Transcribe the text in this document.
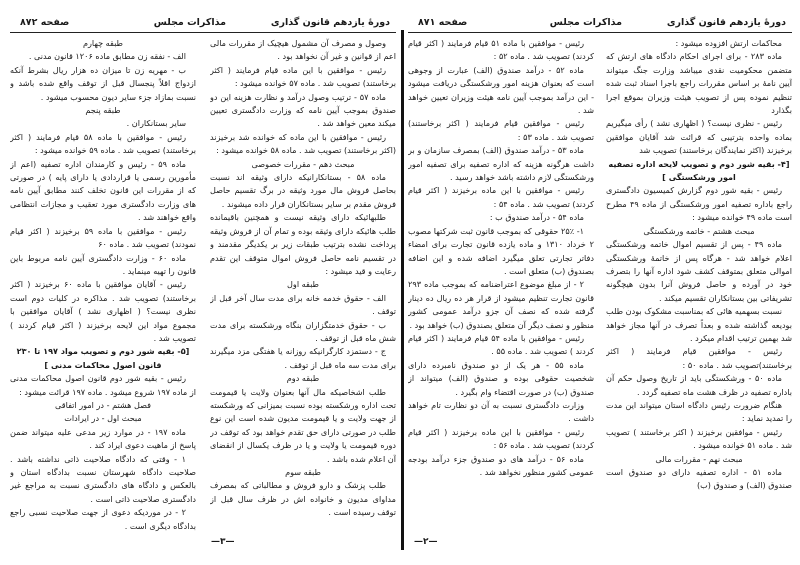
دورهٔ یازدهم قانون گذاری
مذاکرات مجلس
صفحه ۸۷۱

محاکمات ارتش افزوده میشود :

ماده ۲۸۳ - برای اجرای احکام دادگاه های ارتش که متضمن محکومیت نقدی میباشد وزارت جنگ میتواند آیین نامهٔ بر اساس مقررات راجع باجرا اسناد ثبت شده تنظیم نموده پس از تصویب هیئت وزیران بموقع اجرا بگذارد

رئیس - نظری نیست؟ ( اظهاری نشد ) رأی میگیریم بماده واحده بترتیبی که قرائت شد آقایان موافقین برخیزند (اکثر نمایندگان برخاستند) تصویب شد

[۴- بقیه شور دوم و تصویب لایحه اداره تصفیه امور ورشکستگی ]

رئیس - بقیه شور دوم گزارش کمیسیون دادگستری راجع باداره تصفیه امور ورشکستگی از ماده ۴۹ مطرح است ماده ۴۹ خوانده میشود :

مبحث هشتم - خاتمه ورشکستگی

ماده ۴۹ - پس از تقسیم اموال خاتمه ورشکستگی اعلام خواهد شد - هرگاه پس از خاتمهٔ ورشکستگی اموالی متعلق بمتوقف کشف شود اداره آنها را بتصرف خود در آورده و حاصل فروش آنرا بدون هیچگونه تشریفاتی بین بستانکاران تقسیم میکند .

نسبت بسهمیه هائی که بمناسبت مشکوک بودن طلب بودیعه گذاشته شده و بعداً تصرف در آنها مجاز خواهد شد بهمین ترتیب اقدام میکرد .

رئیس - موافقین قیام فرمایند ( اکثر برخاستند)تصویب شد . ماده ۵۰ :

ماده ۵۰ - ورشکستگی باید از تاریخ وصول حکم آن باداره تصفیه در ظرف هشت ماه تصفیه گردد .

هنگام ضرورت رئیس دادگاه استان میتواند این مدت را تمدید نماید :

رئیس - موافقین برخیزند ( اکثر برخاستند ) تصویب شد . ماده ۵۱ خوانده میشود .

مبحث نهم - مقررات مالی

ماده ۵۱ - اداره تصفیه دارای دو صندوق است صندوق (الف) و صندوق (ب)

رئیس - موافقین با ماده ۵۱ قیام فرمایند ( اکثر قیام کردند) تصویب شد . ماده ۵۲ :

ماده ۵۲ - درآمد صندوق (الف) عبارت از وجوهی است که بعنوان هزینه امور ورشکستگی دریافت میشود - این درآمد بموجب آیین نامه هیئت وزیران تعیین خواهد شد .

رئیس - موافقین قیام فرمایند ( اکثر برخاستند) تصویب شد . ماده ۵۳ :

ماده ۵۳ - درآمد صندوق (الف) بمصرف سازمان و بر داشت هرگونه هزینه که اداره تصفیه برای تصفیه امور ورشکستگی لازم داشته باشد خواهد رسید .

رئیس - موافقین با این ماده برخیزند ( اکثر قیام کردند) تصویب شد . ماده ۵۴ :

ماده ۵۴ - درآمد صندوق ب :

۱- ۲۵٪ حقوقی که بموجب قانون ثبت شرکتها مصوب ۲ خرداد ۱۳۱۰ و ماده یازده قانون تجارت برای امضاء دفاتر تجارتی تعلق میگیرد اضافه شده و این اضافه بصندوق (ب) متعلق است .

۲ - از مبلغ موضوع اعتراضنامه که بموجب ماده ۲۹۳ قانون تجارت تنظیم میشود از قرار هر ده ریال ده دینار گرفته شده که نصف آن جزو درآمد عمومی کشور منظور و نصف دیگر آن متعلق بصندوق (ب) خواهد بود .

رئیس - موافقین با ماده ۵۴ قیام فرمایند ( اکثر قیام کردند ) تصویب شد . ماده ۵۵ .

ماده ۵۵ - هر یک از دو صندوق نامبرده دارای شخصیت حقوقی بوده و صندوق (الف) میتواند از صندوق (ب) در صورت اقتضاء وام بگیرد .

وزارت دادگستری نسبت به آن دو نظارت تام خواهد داشت .

رئیس - موافقین با این ماده برخیزند ( اکثر قیام کردند) تصویب شد . ماده ۵۶ :

ماده ۵۶ - درآمد های دو صندوق جزء درآمد بودجه عمومی کشور منظور نخواهد شد .

—۲—
دورهٔ یازدهم قانون گذاری
مذاکرات مجلس
صفحه ۸۷۲

وصول و مصرف آن مشمول هیچیک از مقررات مالی اعم از قوانین و غیر آن نخواهد بود .

رئیس - موافقین با این ماده قیام فرمایند ( اکثر برخاستند) تصویب شد . ماده ۵۷ خوانده میشود :

ماده ۵۷ - ترتیب وصول درآمد و نظارت هزینه این دو صندوق بموجب آیین نامه که وزارت دادگستری تعیین میکند معین خواهد شد .

رئیس - موافقین با این ماده که خوانده شد برخیزند (اکثر برخاستند) تصویب شد . ماده ۵۸ خوانده میشود :

مبحث دهم - مقررات خصوصی

ماده ۵۸ - بستانکارانیکه دارای وثیقه اند نسبت بحاصل فروش مال مورد وثیقه در برگ تقسیم حاصل فروش مقدم بر سایر بستانکاران قرار داده میشوند .

طلبهائیکه دارای وثیقه نیست و همچنین باقیمانده طلب هائیکه دارای وثیقه بوده و تمام آن از فروش وثیقه پرداخت نشده بترتیب طبقات زیر بر یکدیگر مقدمند و در تقسیم نامه حاصل فروش اموال متوقف این تقدم رعایت و قید میشود :

طبقه اول

الف - حقوق خدمه خانه برای مدت سال آخر قبل از توقف .

ب - حقوق خدمتگزاران بنگاه ورشکسته برای مدت شش ماه قبل از توقف .

ج - دستمزد کارگرانیکه روزانه یا هفتگی مزد میگیرند برای مدت سه ماه قبل از توقف .

طبقه دوم

طلب اشخاصیکه مال آنها بعنوان ولایت یا قیمومت تحت اداره ورشکسته بوده نسبت بمیزانی که ورشکسته از جهت ولایت و یا قیمومت مدیون شده است این نوع طلب در صورتی دارای حق تقدم خواهد بود که توقف در دوره قیمومت یا ولایت و یا در ظرف یکسال از انقضای آن اعلام شده باشد .

طبقه سوم

طلب پزشک و دارو فروش و مطالباتی که بمصرف مداوای مدیون و خانواده اش در ظرف سال قبل از توقف رسیده است .

طبقه چهارم

الف - نفقه زن مطابق ماده ۱۲۰۶ قانون مدنی .

ب - مهریه زن تا میزان ده هزار ریال بشرط آنکه ازدواج اقلاً پنجسال قبل از توقف واقع شده باشد و نسبت بمازاد جزء سایر دیون محسوب میشود .

طبقه پنجم

سایر بستانکاران .

رئیس - موافقین با ماده ۵۸ قیام فرمایند ( اکثر برخاستند) تصویب شد . ماده ۵۹ خوانده میشود :

ماده ۵۹ - رئیس و کارمندان اداره تصفیه (اعم از مأمورین رسمی یا قراردادی یا دارای پایه ) در صورتی که از مقررات این قانون تخلف کنند مطابق آیین نامه های وزارت دادگستری مورد تعقیب و مجازات انتظامی واقع خواهند شد .

رئیس - موافقین با ماده ۵۹ برخیزند ( اکثر قیام نمودند) تصویب شد . ماده ۶۰

ماده ۶۰ - وزارت دادگستری آیین نامه مربوط باین قانون را تهیه مینماید .

رئیس - آقایان موافقین با ماده ۶۰ برخیزند ( اکثر برخاستند) تصویب شد . مذاکره در کلیات دوم است نظری نیست؟ ( اظهاری نشد ) آقایان موافقین با مجموع مواد این لایحه برخیزند ( اکثر قیام کردند ) تصویب شد .

[۵- بقیه شور دوم و تصویب مواد ۱۹۷ تا ۲۳۰ قانون اصول محاکمات مدنی ]

رئیس - بقیه شور دوم قانون اصول محاکمات مدنی از ماده ۱۹۷ شروع میشود . ماده ۱۹۷ قرائت میشود :

فصل هشتم - در امور اتفاقی

مبحث اول - در ایرادات

ماده ۱۹۷ - در موارد زیر مدعی علیه میتواند ضمن پاسخ از ماهیت دعوی ایراد کند .

۱ - وقتی که دادگاه صلاحیت ذاتی نداشته باشد . صلاحیت دادگاه شهرستان نسبت بدادگاه استان و بالعکس و دادگاه های دادگستری نسبت به مراجع غیر دادگستری صلاحیت ذاتی است .

۲ - در موردیکه دعوی از جهت صلاحیت نسبی راجع بدادگاه دیگری است .

—۳—
